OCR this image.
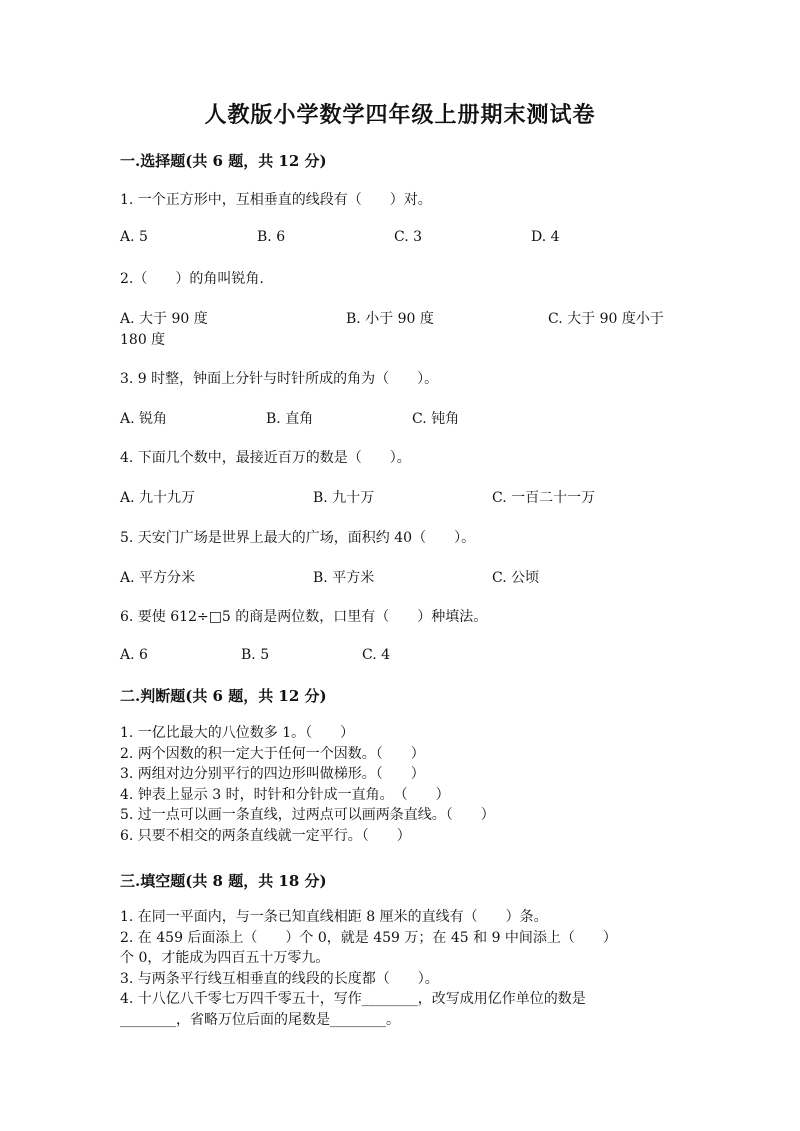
人教版小学数学四年级上册期末测试卷
一.选择题(共 6 题，共 12 分)
1. 一个正方形中，互相垂直的线段有（　　）对。
A. 5	B. 6	C. 3	D. 4
2.（　　）的角叫锐角.
A. 大于 90 度	B. 小于 90 度	C. 大于 90 度小于
180 度
3. 9 时整，钟面上分针与时针所成的角为（　　）。
A. 锐角	B. 直角	C. 钝角
4. 下面几个数中，最接近百万的数是（　　）。
A. 九十九万	B. 九十万	C. 一百二十一万
5. 天安门广场是世界上最大的广场，面积约 40（　　）。
A. 平方分米	B. 平方米	C. 公顷
6. 要使 612÷□5 的商是两位数，口里有（　　）种填法。
A. 6	B. 5	C. 4
二.判断题(共 6 题，共 12 分)
1. 一亿比最大的八位数多 1。（　　）
2. 两个因数的积一定大于任何一个因数。（　　）
3. 两组对边分别平行的四边形叫做梯形。（　　）
4. 钟表上显示 3 时，时针和分针成一直角。　（　　）
5. 过一点可以画一条直线，过两点可以画两条直线。（　　）
6. 只要不相交的两条直线就一定平行。（　　）
三.填空题(共 8 题，共 18 分)
1. 在同一平面内，与一条已知直线相距 8 厘米的直线有（　　）条。
2. 在 459 后面添上（　　）个 0，就是 459 万；在 45 和 9 中间添上（　　）
个 0，才能成为四百五十万零九。
3. 与两条平行线互相垂直的线段的长度都（　　）。
4. 十八亿八千零七万四千零五十，写作________，改写成用亿作单位的数是
________，省略万位后面的尾数是________。
